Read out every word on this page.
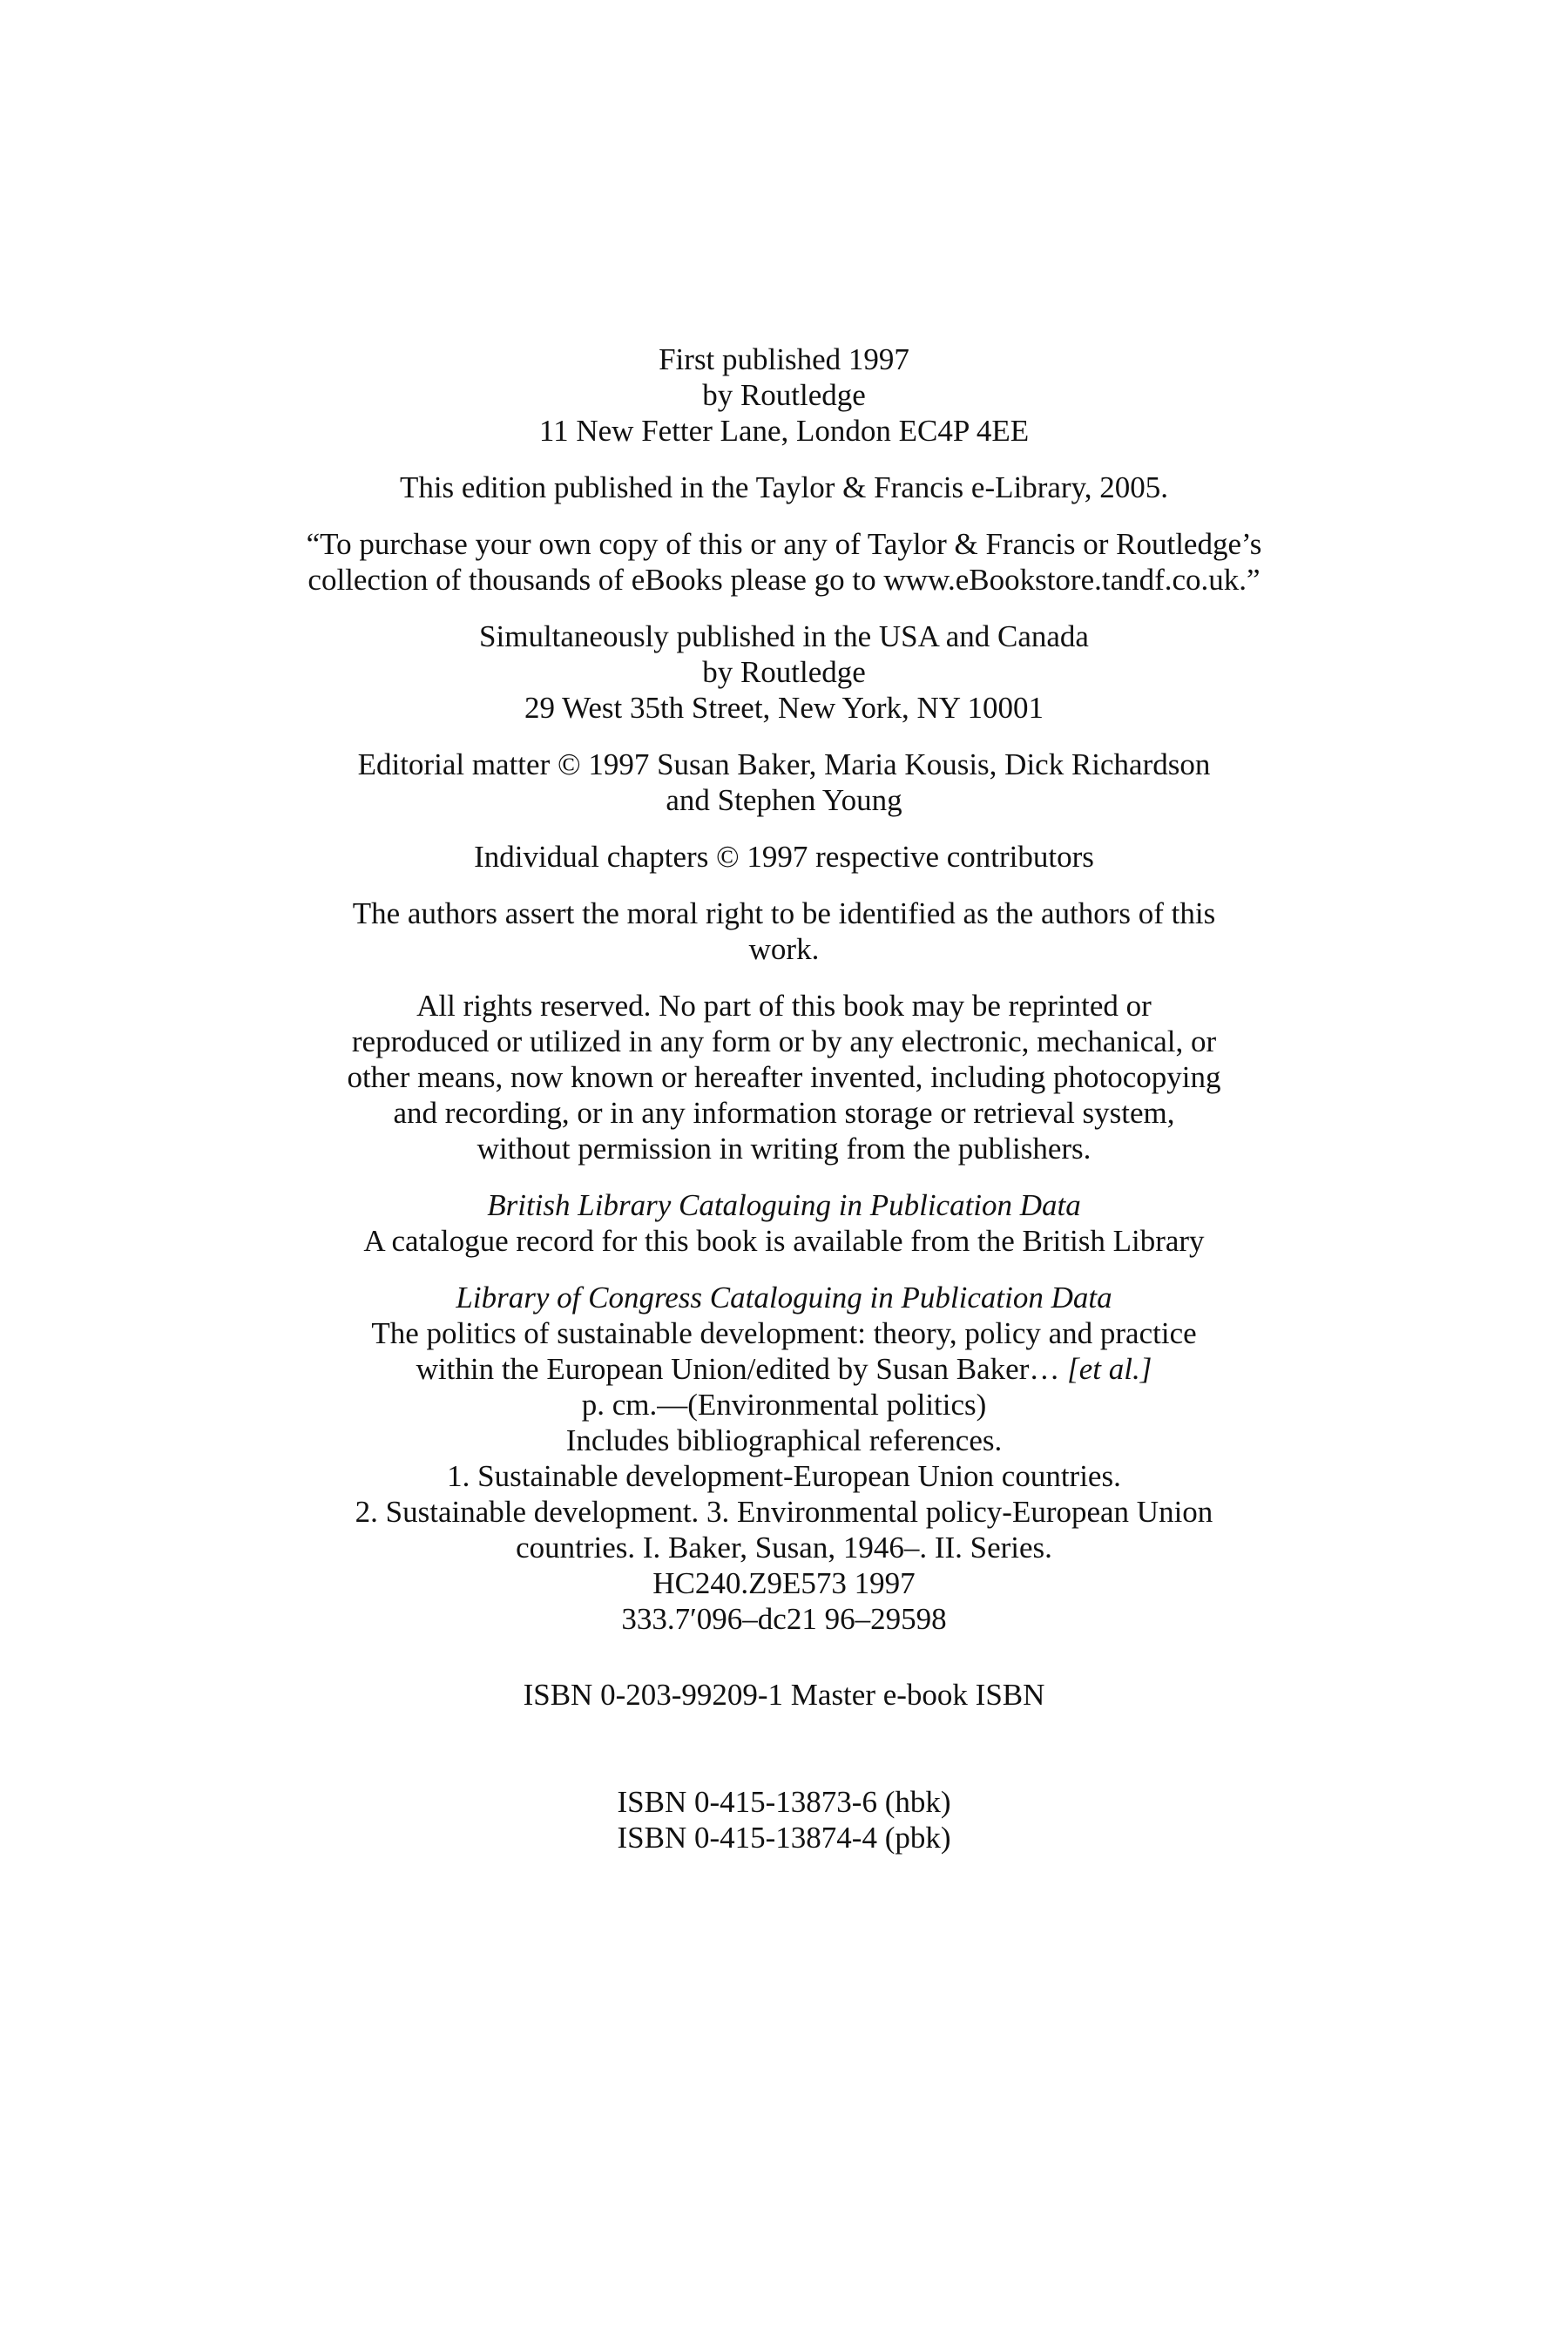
First published 1997
by Routledge
11 New Fetter Lane, London EC4P 4EE
This edition published in the Taylor & Francis e-Library, 2005.
“To purchase your own copy of this or any of Taylor & Francis or Routledge’s
collection of thousands of eBooks please go to www.eBookstore.tandf.co.uk.”
Simultaneously published in the USA and Canada
by Routledge
29 West 35th Street, New York, NY 10001
Editorial matter © 1997 Susan Baker, Maria Kousis, Dick Richardson
and Stephen Young
Individual chapters © 1997 respective contributors
The authors assert the moral right to be identified as the authors of this
work.
All rights reserved. No part of this book may be reprinted or
reproduced or utilized in any form or by any electronic, mechanical, or
other means, now known or hereafter invented, including photocopying
and recording, or in any information storage or retrieval system,
without permission in writing from the publishers.
British Library Cataloguing in Publication Data
A catalogue record for this book is available from the British Library
Library of Congress Cataloguing in Publication Data
The politics of sustainable development: theory, policy and practice
within the European Union/edited by Susan Baker… [et al.]
p. cm.—(Environmental politics)
Includes bibliographical references.
1. Sustainable development-European Union countries.
2. Sustainable development. 3. Environmental policy-European Union
countries. I. Baker, Susan, 1946–. II. Series.
HC240.Z9E573 1997
333.7′096–dc21 96–29598
ISBN 0-203-99209-1 Master e-book ISBN
ISBN 0-415-13873-6 (hbk)
ISBN 0-415-13874-4 (pbk)
